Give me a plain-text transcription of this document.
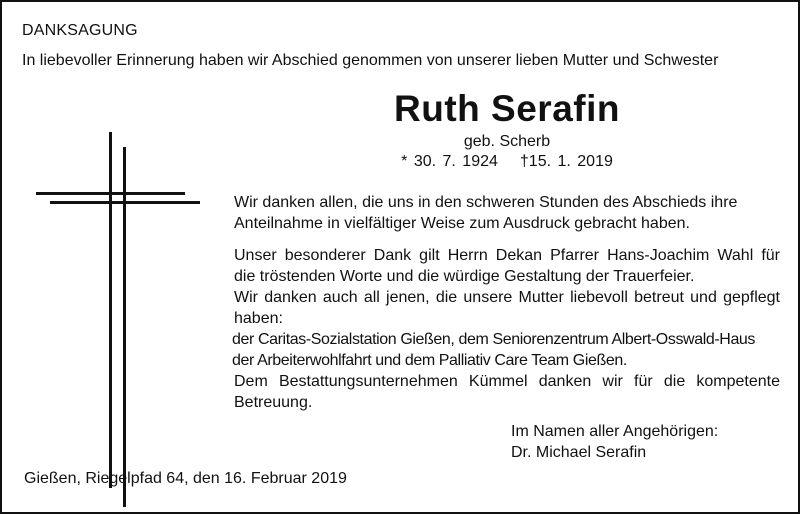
DANKSAGUNG
In liebevoller Erinnerung haben wir Abschied genommen von unserer lieben Mutter und Schwester
Ruth Serafin
geb. Scherb
* 30. 7. 1924 †15. 1. 2019

Wir danken allen, die uns in den schweren Stunden des Abschieds ihre

Anteilnahme in vielfältiger Weise zum Ausdruck gebracht haben.

Unser besonderer Dank gilt Herrn Dekan Pfarrer Hans-Joachim Wahl für

die tröstenden Worte und die würdige Gestaltung der Trauerfeier.

Wir danken auch all jenen, die unsere Mutter liebevoll betreut und gepflegt

haben:

der Caritas-Sozialstation Gießen, dem Seniorenzentrum Albert-Osswald-Haus

der Arbeiterwohlfahrt und dem Palliativ Care Team Gießen.

Dem Bestattungsunternehmen Kümmel danken wir für die kompetente

Betreuung.

Im Namen aller Angehörigen:
Dr. Michael Serafin
Gießen, Riegelpfad 64, den 16. Februar 2019
